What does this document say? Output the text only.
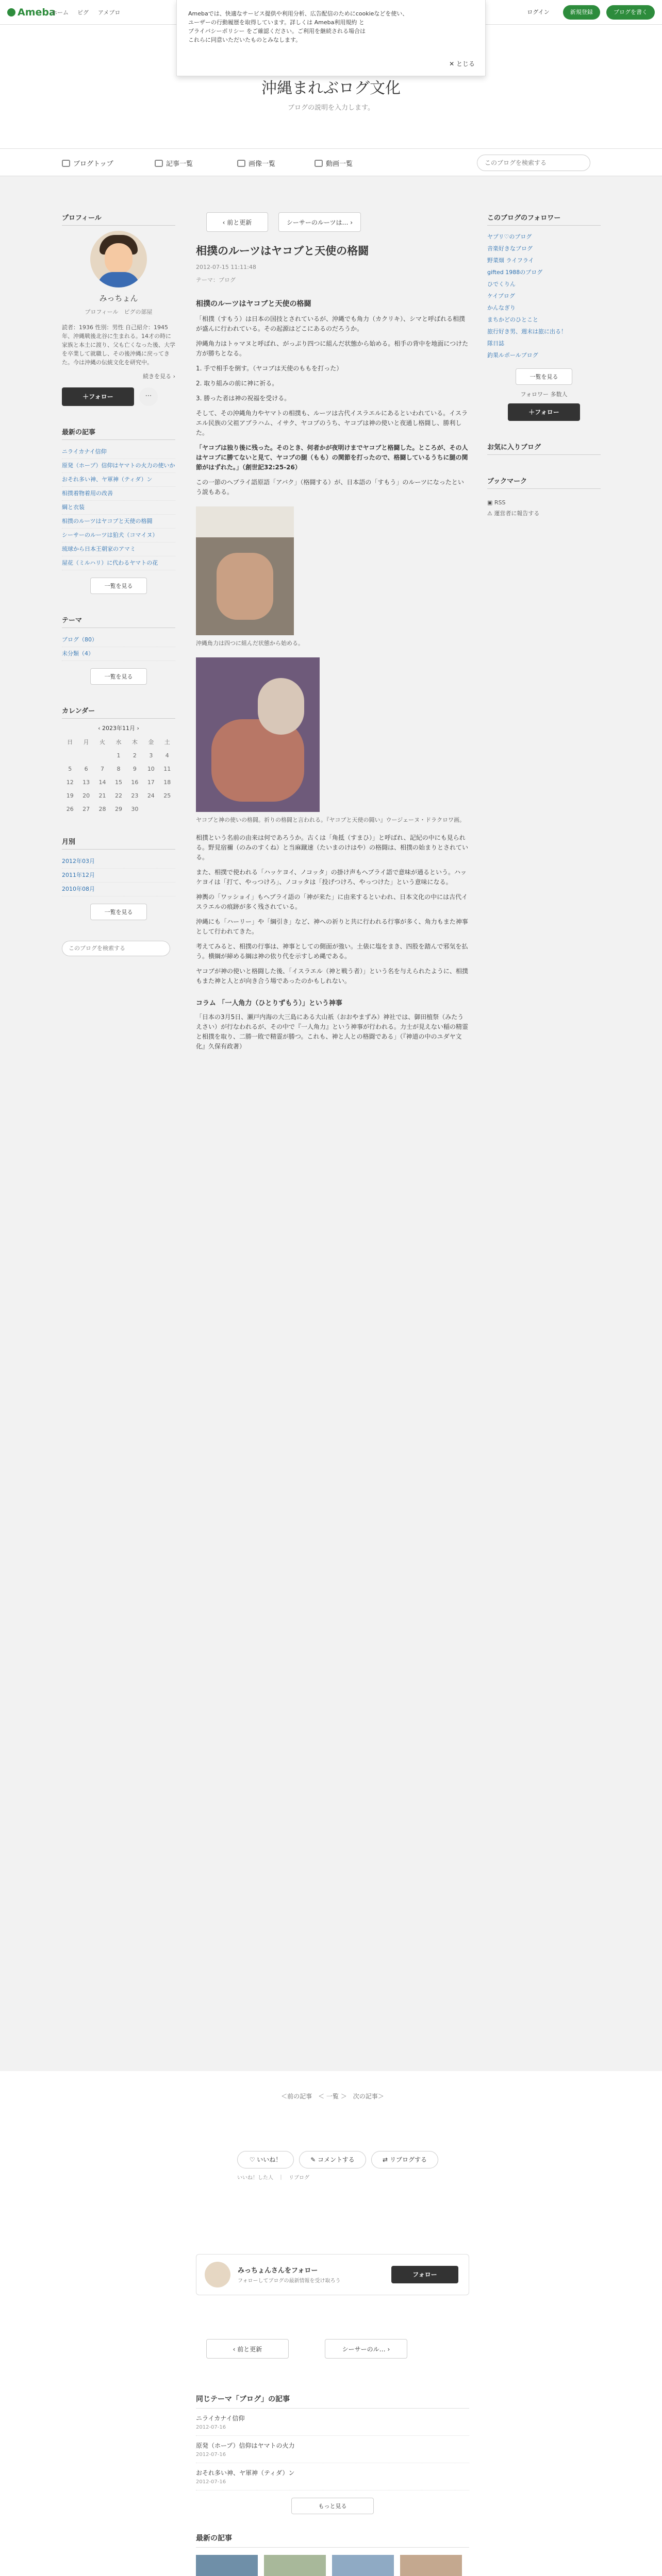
Ameba
ホーム ピグ アメブロ	ログイン	新規登録	ブログを書く
Amebaでは、快適なサービス提供や利用分析、広告配信のためにcookieなどを使い、
ユーザーの行動履歴を取得しています。詳しくは Ameba利用規約 と
プライバシーポリシー をご確認ください。ご利用を継続される場合は
これらに同意いただいたものとみなします。
✕ とじる
沖縄まれぶログ文化
ブログの説明を入力します。
ブログトップ	記事一覧	画像一覧	動画一覧
このブログを検索する
プロフィール
みっちょん
プロフィール　ピグの部屋
読者：1936 性別：男性 自己紹介：1945年、沖縄戦後北谷に生まれる。14才の時に家族と本土に渡り、父も亡くなった後、大学を卒業して就職し、その後沖縄に戻ってきた。今は沖縄の伝統文化を研究中。
続きを見る ›
＋フォロー	⋯
最新の記事
ニライカナイ信仰
原発（ホープ）信仰はヤマトの火力の使いか
おそれ多い神、ヤ軍神（ティダ）ン
相撲着物着用の改善
綱と衣装
相撲のルーツはヤコブと天使の格闘
シーサーのルーツは狛犬（コマイヌ）
琉球から日本王朝家のアマミ
屋花（ミルハリ）に代わるヤマトの花
一覧を見る
テーマ
ブログ（80）
未分類（4）
一覧を見る
カレンダー
‹ 2023年11月 ›
日	月	火	水	木	金	土
			1	2	3	4
5	6	7	8	9	10	11
12	13	14	15	16	17	18
19	20	21	22	23	24	25
26	27	28	29	30		
月別
2012年03月
2011年12月
2010年08月
一覧を見る
このブログを検索する
‹ 前と更新	シーサーのルーツは… ›
相撲のルーツはヤコブと天使の格闘
2012-07-15 11:11:48
テーマ：ブログ

相撲のルーツはヤコブと天使の格闘

「相撲（すもう）は日本の国技とされているが、沖縄でも角力（カクリキ）、シマと呼ばれる相撲が盛んに行われている。その起源はどこにあるのだろうか。

沖縄角力はトゥマヌと呼ばれ、がっぷり四つに組んだ状態から始める。相手の背中を地面につけた方が勝ちとなる。

1. 手で相手を倒す。（ヤコブは天使のももを打った）

2. 取り組みの前に神に祈る。

3. 勝った者は神の祝福を受ける。

そして、その沖縄角力やヤマトの相撲も、ルーツは古代イスラエルにあるといわれている。イスラエル民族の父祖アブラハム、イサク、ヤコブのうち、ヤコブは神の使いと夜通し格闘し、勝利した。

「ヤコブは独り後に残った。そのとき、何者かが夜明けまでヤコブと格闘した。ところが、その人はヤコブに勝てないと見て、ヤコブの腿（もも）の関節を打ったので、格闘しているうちに腿の関節がはずれた。」（創世記32:25-26）

この一節のヘブライ語原語「アバク」（格闘する）が、日本語の「すもう」のルーツになったという説もある。

沖縄角力は四つに組んだ状態から始める。
ヤコブと神の使いの格闘。祈りの格闘と言われる。『ヤコブと天使の闘い』ウージェーヌ・ドラクロワ画。

相撲という名前の由来は何であろうか。古くは「角抵（すまひ）」と呼ばれ、記紀の中にも見られる。野見宿禰（のみのすくね）と当麻蹴速（たいまのけはや）の格闘は、相撲の始まりとされている。

また、相撲で使われる「ハッケヨイ、ノコッタ」の掛け声もヘブライ語で意味が通るという。ハッケヨイは「打て、やっつけろ」、ノコッタは「投げつけろ、やっつけた」という意味になる。

神輿の「ワッショイ」もヘブライ語の「神が来た」に由来するといわれ、日本文化の中には古代イスラエルの痕跡が多く残されている。

沖縄にも「ハーリー」や「綱引き」など、神への祈りと共に行われる行事が多く、角力もまた神事として行われてきた。

考えてみると、相撲の行事は、神事としての側面が強い。土俵に塩をまき、四股を踏んで邪気を払う。横綱が締める綱は神の依り代を示すしめ縄である。

ヤコブが神の使いと格闘した後、「イスラエル（神と戦う者）」という名を与えられたように、相撲もまた神と人とが向き合う場であったのかもしれない。

コラム 「一人角力（ひとりずもう）」という神事

「日本の3月5日、瀬戸内海の大三島にある大山祇（おおやまずみ）神社では、御田植祭（みたうえさい）が行なわれるが、その中で『一人角力』という神事が行われる。力士が見えない稲の精霊と相撲を取り、二勝一敗で精霊が勝つ。これも、神と人との格闘である」（『神道の中のユダヤ文化』久保有政著）

このブログのフォロワー
ヤプリ♡のブログ
音楽好きなブログ
野菜畑 ライフライ
gifted 1988のブログ
ひでくりん
ケイブログ
かんなぎり
まちかどのひとこと
旅行好き男、週末は旅に出る！
隊日誌
釣果ルポールブログ
一覧を見る
フォロワー 多数人
＋フォロー
お気に入りブログ
ブックマーク
▣ RSS
⚠ 運営者に報告する
＜前の記事　＜ 一覧 ＞　次の記事＞
♡ いいね！	✎ コメントする	⇄ リブログする
いいね！した人　｜　リブログ
みっちょんさんをフォロー
フォローしてブログの最新情報を受け取ろう
フォロー
‹ 前と更新	シーサーのル… ›
同じテーマ「ブログ」の記事
ニライカナイ信仰
2012-07-16
原発（ホープ）信仰はヤマトの火力
2012-07-16
おそれ多い神、ヤ軍神（ティダ）ン
2012-07-16
もっと見る
最新の記事
